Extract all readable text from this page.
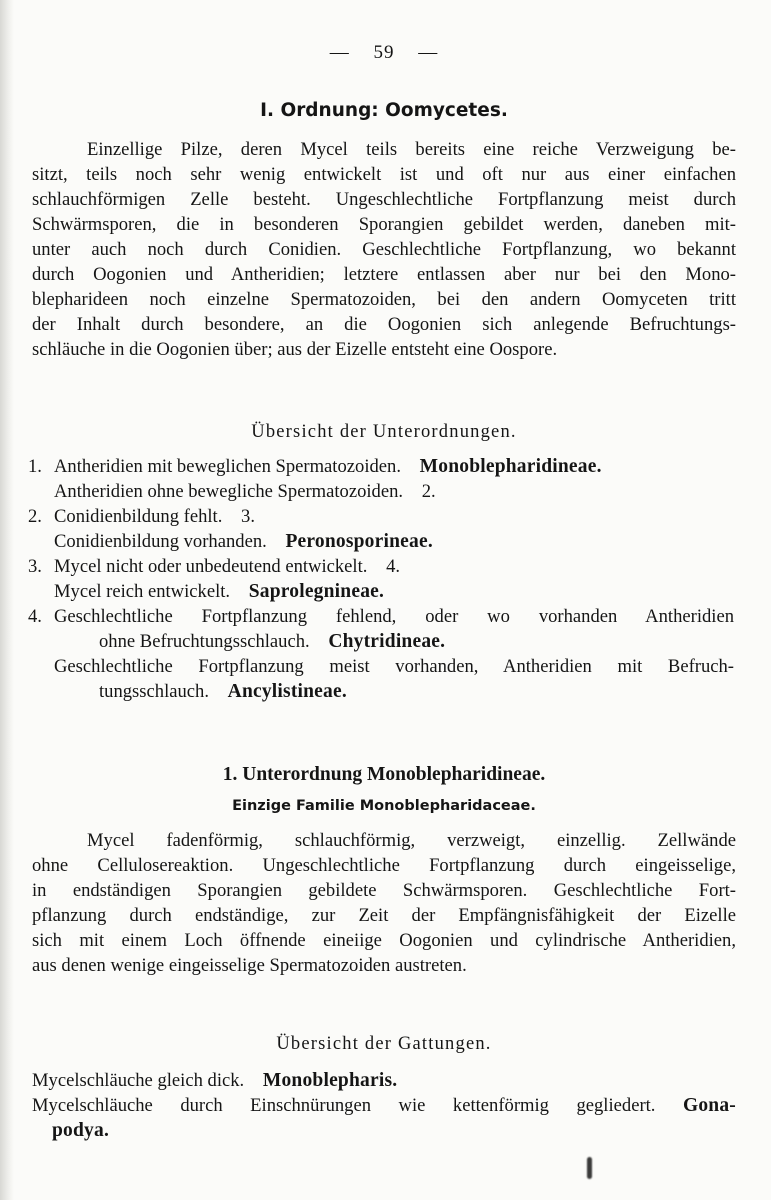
— 59 —
I. Ordnung: Oomycetes.
Einzellige Pilze, deren Mycel teils bereits eine reiche Verzweigung be-
sitzt, teils noch sehr wenig entwickelt ist und oft nur aus einer einfachen
schlauchförmigen Zelle besteht. Ungeschlechtliche Fortpflanzung meist durch
Schwärmsporen, die in besonderen Sporangien gebildet werden, daneben mit-
unter auch noch durch Conidien. Geschlechtliche Fortpflanzung, wo bekannt
durch Oogonien und Antheridien; letztere entlassen aber nur bei den Mono-
blepharideen noch einzelne Spermatozoiden, bei den andern Oomyceten tritt
der Inhalt durch besondere, an die Oogonien sich anlegende Befruchtungs-
schläuche in die Oogonien über; aus der Eizelle entsteht eine Oospore.
Übersicht der Unterordnungen.
1. Antheridien mit beweglichen Spermatozoiden. Monoblepharidineae.
Antheridien ohne bewegliche Spermatozoiden. 2.
2. Conidienbildung fehlt. 3.
Conidienbildung vorhanden. Peronosporineae.
3. Mycel nicht oder unbedeutend entwickelt. 4.
Mycel reich entwickelt. Saprolegnineae.
4. Geschlechtliche Fortpflanzung fehlend, oder wo vorhanden Antheridien
ohne Befruchtungsschlauch. Chytridineae.
Geschlechtliche Fortpflanzung meist vorhanden, Antheridien mit Befruch-
tungsschlauch. Ancylistineae.
1. Unterordnung Monoblepharidineae.
Einzige Familie Monoblepharidaceae.
Mycel fadenförmig, schlauchförmig, verzweigt, einzellig. Zellwände
ohne Cellulosereaktion. Ungeschlechtliche Fortpflanzung durch eingeisselige,
in endständigen Sporangien gebildete Schwärmsporen. Geschlechtliche Fort-
pflanzung durch endständige, zur Zeit der Empfängnisfähigkeit der Eizelle
sich mit einem Loch öffnende eineiige Oogonien und cylindrische Antheridien,
aus denen wenige eingeisselige Spermatozoiden austreten.
Übersicht der Gattungen.
Mycelschläuche gleich dick. Monoblepharis.
Mycelschläuche durch Einschnürungen wie kettenförmig gegliedert. Gona-
podya.
